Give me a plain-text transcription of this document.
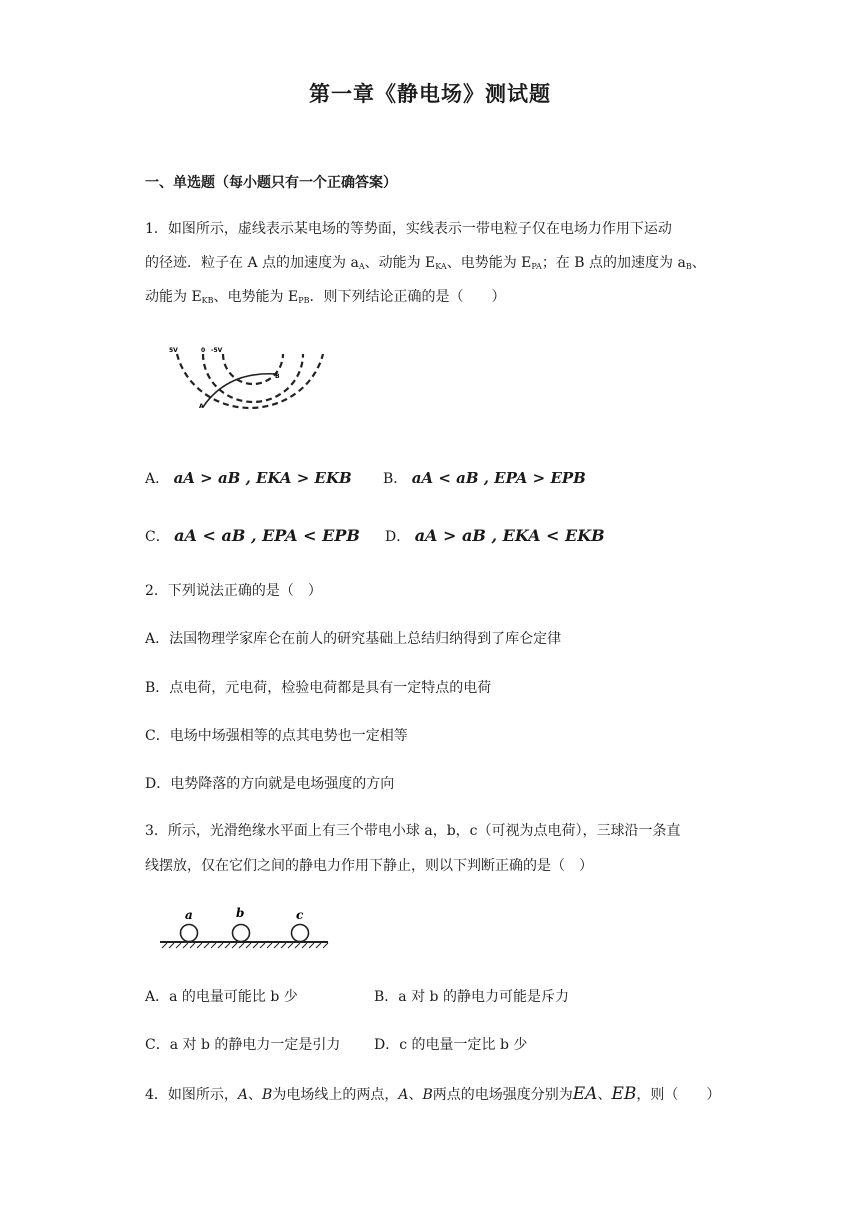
第一章《静电场》测试题
一、单选题（每小题只有一个正确答案）
1．如图所示，虚线表示某电场的等势面，实线表示一带电粒子仅在电场力作用下运动
的径迹．粒子在 A 点的加速度为 $a_A$、动能为 $E_{KA}$、电势能为 $E_{PA}$；在 B 点的加速度为 $a_B$、
动能为 $E_{KB}$、电势能为 $E_{PB}$．则下列结论正确的是（　　）
5V	0 -5V
A
B
A． aA > aB , EKA > EKB B． aA < aB , EPA > EPB
C． aA < aB , EPA < EPB D． aA > aB , EKA < EKB
2．下列说法正确的是（　）
A．法国物理学家库仑在前人的研究基础上总结归纳得到了库仑定律
B．点电荷，元电荷，检验电荷都是具有一定特点的电荷
C．电场中场强相等的点其电势也一定相等
D．电势降落的方向就是电场强度的方向
3．所示，光滑绝缘水平面上有三个带电小球 a，b，c（可视为点电荷），三球沿一条直
线摆放，仅在它们之间的静电力作用下静止，则以下判断正确的是（　）
a	b	c
A．a 的电量可能比 b 少	B．a 对 b 的静电力可能是斥力
C．a 对 b 的静电力一定是引力 D．c 的电量一定比 b 少
4．如图所示，A、B为电场线上的两点，A、B两点的电场强度分别为EA、EB，则（　　）
